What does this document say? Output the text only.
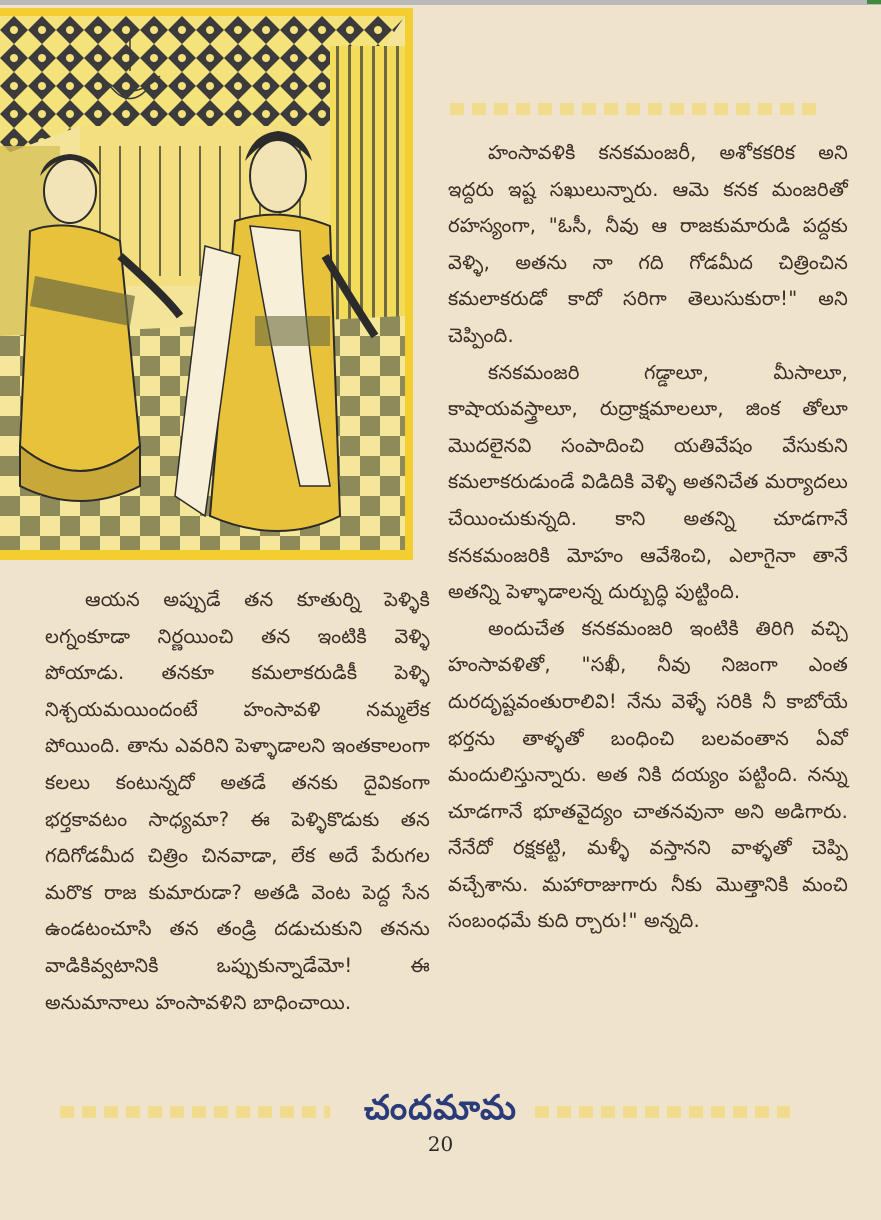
హంసావళికి కనకమంజరీ, అశోకకరిక అని ఇద్దరు ఇష్ట సఖులున్నారు. ఆమె కనక మంజరితో రహస్యంగా, "ఓసీ, నీవు ఆ రాజకుమారుడి పద్దకు వెళ్ళి, అతను నా గది గోడమీద చిత్రించిన కమలాకరుడో కాదో సరిగా తెలుసుకురా!" అని చెప్పింది.

కనకమంజరి గడ్డాలూ, మీసాలూ, కాషాయవస్త్రాలూ, రుద్రాక్షమాలలూ, జింక తోలూ మొదలైనవి సంపాదించి యతివేషం వేసుకుని కమలాకరుడుండే విడిదికి వెళ్ళి అతనిచేత మర్యాదలు చేయించుకున్నది. కాని అతన్ని చూడగానే కనకమంజరికి మోహం ఆవేశించి, ఎలాగైనా తానే అతన్ని పెళ్ళాడాలన్న దుర్బుద్ధి పుట్టింది.

అందుచేత కనకమంజరి ఇంటికి తిరిగి వచ్చి హంసావళితో, "సఖీ, నీవు నిజంగా ఎంత దురదృష్టవంతురాలివి! నేను వెళ్ళే సరికి నీ కాబోయే భర్తను తాళ్ళతో బంధించి బలవంతాన ఏవో మందులిస్తున్నారు. అత నికి దయ్యం పట్టింది. నన్ను చూడగానే భూతవైద్యం చాతనవునా అని అడిగారు. నేనేదో రక్షకట్టి, మళ్ళీ వస్తానని వాళ్ళతో చెప్పి వచ్చేశాను. మహారాజుగారు నీకు మొత్తానికి మంచి సంబంధమే కుది ర్చారు!" అన్నది.

ఆయన అప్పుడే తన కూతుర్ని పెళ్ళికి లగ్నంకూడా నిర్ణయించి తన ఇంటికి వెళ్ళి పోయాడు. తనకూ కమలాకరుడికీ పెళ్ళి నిశ్చయమయిందంటే హంసావళి నమ్మలేక పోయింది. తాను ఎవరిని పెళ్ళాడాలని ఇంతకాలంగా కలలు కంటున్నదో అతడే తనకు దైవికంగా భర్తకావటం సాధ్యమా? ఈ పెళ్ళికొడుకు తన గదిగోడమీద చిత్రిం చినవాడా, లేక అదే పేరుగల మరొక రాజ కుమారుడా? అతడి వెంట పెద్ద సేన ఉండటంచూసి తన తండ్రి దడుచుకుని తనను వాడికివ్వటానికి ఒప్పుకున్నాడేమో! ఈ అనుమానాలు హంసావళిని బాధించాయి.

చందమామ
20
